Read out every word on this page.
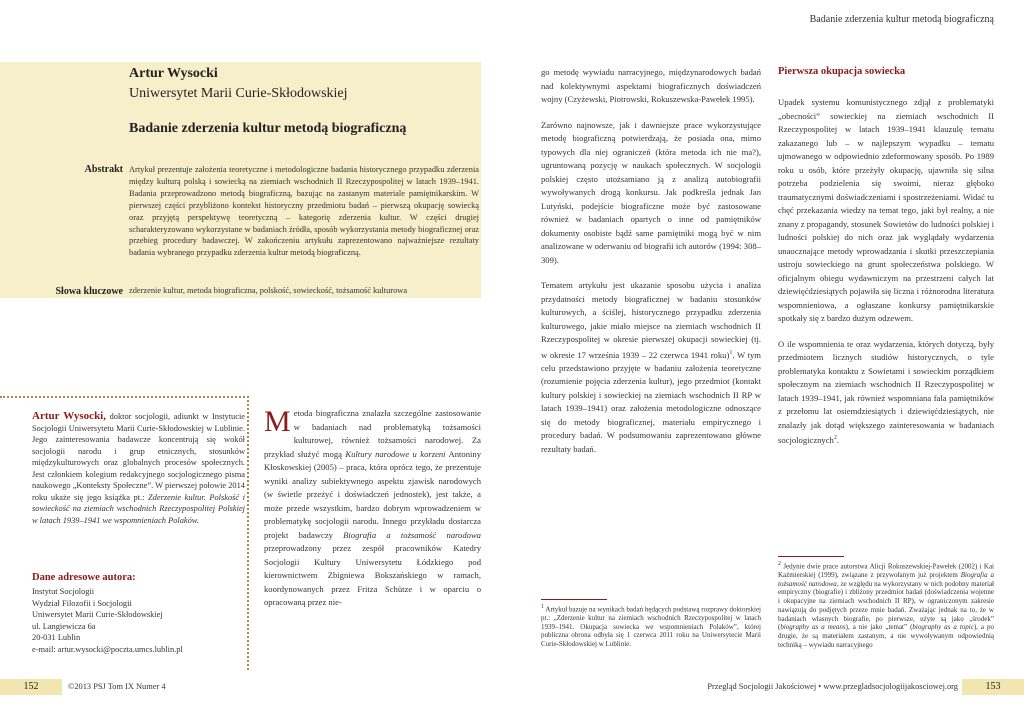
Badanie zderzenia kultur metodą biograficzną
Artur Wysocki
Uniwersytet Marii Curie-Skłodowskiej
Badanie zderzenia kultur metodą biograficzną
Abstrakt Artykuł prezentuje założenia teoretyczne i metodologiczne badania historycznego przypadku zderzenia między kulturą polską i sowiecką na ziemiach wschodnich II Rzeczypospolitej w latach 1939–1941. Badania przeprowadzono metodą biograficzną, bazując na zastanym materiale pamiętnikarskim. W pierwszej części przybliżono kontekst historyczny przedmiotu badań – pierwszą okupację sowiecką oraz przyjętą perspektywę teoretyczną – kategorię zderzenia kultur. W części drugiej scharakteryzowano wykorzystane w badaniach źródła, sposób wykorzystania metody biograficznej oraz przebieg procedury badawczej. W zakończeniu artykułu zaprezentowano najważniejsze rezultaty badania wybranego przypadku zderzenia kultur metodą biograficzną.
Słowa kluczowe zderzenie kultur, metoda biograficzna, polskość, sowieckość, tożsamość kulturowa
Artur Wysocki, doktor socjologii, adiunkt w Instytucie Socjologii Uniwersytetu Marii Curie-Skłodowskiej w Lublinie. Jego zainteresowania badawcze koncentrują się wokół socjologii narodu i grup etnicznych, stosunków międzykulturowych oraz globalnych procesów społecznych. Jest członkiem kolegium redakcyjnego socjologicznego pisma naukowego „Konteksty Społeczne”. W pierwszej połowie 2014 roku ukaże się jego książka pt.: Zderzenie kultur. Polskość i sowieckość na ziemiach wschodnich Rzeczypospolitej Polskiej w latach 1939–1941 we wspomnieniach Polaków.
Dane adresowe autora:
Instytut Socjologii
Wydział Filozofii i Socjologii
Uniwersytet Marii Curie-Skłodowskiej
ul. Langiewicza 6a
20-031 Lublin
e-mail: artur.wysocki@poczta.umcs.lublin.pl
Metoda biograficzna znalazła szczególne zastosowanie w badaniach nad problematyką tożsamości kulturowej, również tożsamości narodowej. Za przykład służyć mogą Kultury narodowe u korzeni Antoniny Kłoskowskiej (2005) – praca, która oprócz tego, że prezentuje wyniki analizy subiektywnego aspektu zjawisk narodowych (w świetle przeżyć i doświadczeń jednostek), jest także, a może przede wszystkim, bardzo dobrym wprowadzeniem w problematykę socjologii narodu. Innego przykładu dostarcza projekt badawczy Biografia a tożsamość narodowa przeprowadzony przez zespół pracowników Katedry Socjologii Kultury Uniwersytetu Łódzkiego pod kierownictwem Zbigniewa Bokszańskiego w ramach, koordynowanych przez Fritza Schütze i w oparciu o opracowaną przez nie-

go metodę wywiadu narracyjnego, międzynarodowych badań nad kolektywnymi aspektami biograficznych doświadczeń wojny (Czyżewski, Piotrowski, Rokuszewska-Pawełek 1995).

Zarówno najnowsze, jak i dawniejsze prace wykorzystujące metodę biograficzną potwierdzają, że posiada ona, mimo typowych dla niej ograniczeń (która metoda ich nie ma?), ugruntowaną pozycję w naukach społecznych. W socjologii polskiej często utożsamiano ją z analizą autobiografii wywoływanych drogą konkursu. Jak podkreśla jednak Jan Lutyński, podejście biograficzne może być zastosowane również w badaniach opartych o inne od pamiętników dokumenty osobiste bądź same pamiętniki mogą być w nim analizowane w oderwaniu od biografii ich autorów (1994: 308–309).

Tematem artykułu jest ukazanie sposobu użycia i analiza przydatności metody biograficznej w badaniu stosunków kulturowych, a ściślej, historycznego przypadku zderzenia kulturowego, jakie miało miejsce na ziemiach wschodnich II Rzeczypospolitej w okresie pierwszej okupacji sowieckiej (tj. w okresie 17 września 1939 – 22 czerwca 1941 roku)$^1$. W tym celu przedstawiono przyjęte w badaniu założenia teoretyczne (rozumienie pojęcia zderzenia kultur), jego przedmiot (kontakt kultury polskiej i sowieckiej na ziemiach wschodnich II RP w latach 1939–1941) oraz założenia metodologiczne odnoszące się do metody biograficznej, materiału empirycznego i procedury badań. W podsumowaniu zaprezentowano główne rezultaty badań.

1 Artykuł bazuje na wynikach badań będących podstawą rozprawy doktorskiej pt.: „Zderzenie kultur na ziemiach wschodnich Rzeczypospolitej w latach 1939–1941. Okupacja sowiecka we wspomnieniach Polaków”, której publiczna obrona odbyła się 1 czerwca 2011 roku na Uniwersytecie Marii Curie-Skłodowskiej w Lublinie.
Pierwsza okupacja sowiecka

Upadek systemu komunistycznego zdjął z problematyki „obecności” sowieckiej na ziemiach wschodnich II Rzeczypospolitej w latach 1939–1941 klauzulę tematu zakazanego lub – w najlepszym wypadku – tematu ujmowanego w odpowiednio zdeformowany sposób. Po 1989 roku u osób, które przeżyły okupację, ujawniła się silna potrzeba podzielenia się swoimi, nieraz głęboko traumatycznymi doświadczeniami i spostrzeżeniami. Widać tu chęć przekazania wiedzy na temat tego, jaki był realny, a nie znany z propagandy, stosunek Sowietów do ludności polskiej i ludności polskiej do nich oraz jak wyglądały wydarzenia unaocznające metody wprowadzania i skutki przeszczepiania ustroju sowieckiego na grunt społeczeństwa polskiego. W oficjalnym obiegu wydawniczym na przestrzeni całych lat dziewięćdziesiątych pojawiła się liczna i różnorodna literatura wspomnieniowa, a ogłaszane konkursy pamiętnikarskie spotkały się z bardzo dużym odzewem.

O ile wspomnienia te oraz wydarzenia, których dotyczą, były przedmiotem licznych studiów historycznych, o tyle problematyka kontaktu z Sowietami i sowieckim porządkiem społecznym na ziemiach wschodnich II Rzeczypospolitej w latach 1939–1941, jak również wspomniana fala pamiętników z przełomu lat osiemdziesiątych i dziewięćdziesiątych, nie znalazły jak dotąd większego zainteresowania w badaniach socjologicznych$^2$.

2 Jedynie dwie prace autorstwa Alicji Rokuszewskiej-Pawełek (2002) i Kai Kaźmierskiej (1999), związane z przywołanym już projektem Biografia a tożsamość narodowa, ze względu na wykorzystany w nich podobny materiał empiryczny (biografie) i zbliżony przedmiot badań (doświadczenia wojenne i okupacyjne na ziemiach wschodnich II RP), w ograniczonym zakresie nawiązują do podjętych przeze mnie badań. Zważając jednak na to, że w badaniach własnych biografie, po pierwsze, użyte są jako „środek” (biography as a means), a nie jako „temat” (biography as a topic), a po drugie, że są materiałem zastanym, a nie wywoływanym odpowiednią techniką – wywiadu narracyjnego
152	©2013 PSJ Tom IX Numer 4	Przegląd Socjologii Jakościowej • www.przegladsocjologiijakosciowej.org	153
